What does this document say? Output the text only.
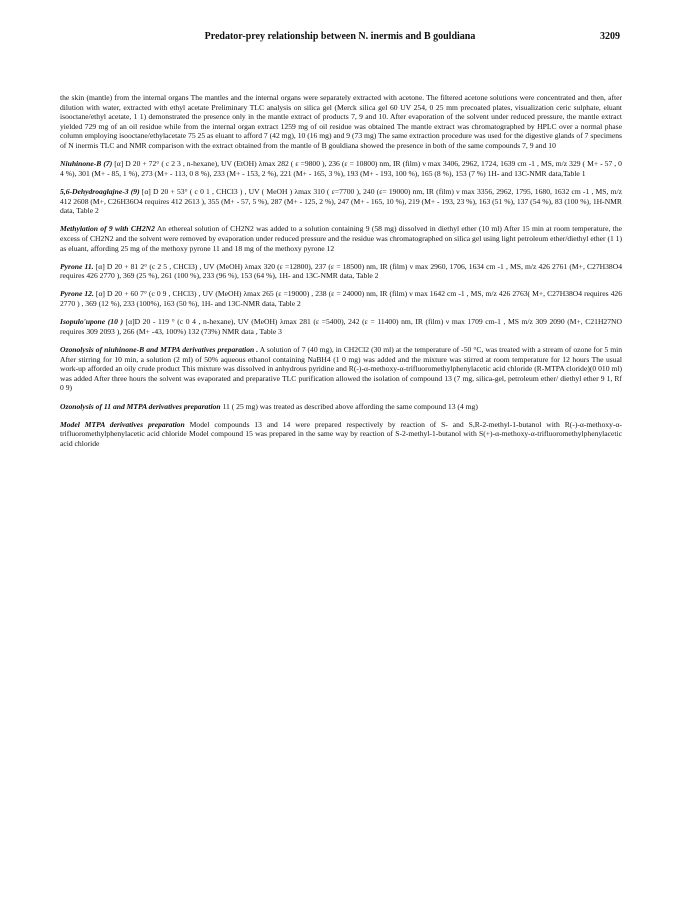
Predator-prey relationship between N. inermis and B gouldiana	3209

the skin (mantle) from the internal organs The mantles and the internal organs were separately extracted with acetone. The filtered acetone solutions were concentrated and then, after dilution with water, extracted with ethyl acetate Preliminary TLC analysis on silica gel (Merck silica gel 60 UV 254, 0 25 mm precoated plates, visualization ceric sulphate, eluant isooctane/ethyl acetate, 1 1) demonstrated the presence only in the mantle extract of products 7, 9 and 10. After evaporation of the solvent under reduced pressure, the mantle extract yielded 729 mg of an oil residue while from the internal organ extract 1259 mg of oil residue was obtained The mantle extract was chromatographed by HPLC over a normal phase column employing isooctane/ethylacetate 75 25 as eluant to afford 7 (42 mg), 10 (16 mg) and 9 (73 mg) The same extraction procedure was used for the digestive glands of 7 specimens of N inermis TLC and NMR comparison with the extract obtained from the mantle of B gouldiana showed the presence in both of the same compounds 7, 9 and 10

Niuhinone-B (7) [α] D 20 + 72° ( c 2 3 , n-hexane), UV (EtOH) λmax 282 ( ε =9800 ), 236 (ε = 10800) nm, IR (film) ν max 3406, 2962, 1724, 1639 cm -1 , MS, m/z 329 ( M+ - 57 , 0 4 %), 301 (M+ - 85, 1 %), 273 (M+ - 113, 0 8 %), 233 (M+ - 153, 2 %), 221 (M+ - 165, 3 %), 193 (M+ - 193, 100 %), 165 (8 %), 153 (7 %) 1H- and 13C-NMR data,Table 1

5,6-Dehydroaglajne-3 (9) [α] D 20 + 53° ( c 0 1 , CHCl3 ) , UV ( MeOH ) λmax 310 ( ε=7700 ), 240 (ε= 19000) nm, IR (film) ν max 3356, 2962, 1795, 1680, 1632 cm -1 , MS, m/z 412 2608 (M+, C26H36O4 requires 412 2613 ), 355 (M+ - 57, 5 %), 287 (M+ - 125, 2 %), 247 (M+ - 165, 10 %), 219 (M+ - 193, 23 %), 163 (51 %), 137 (54 %), 83 (100 %), 1H-NMR data, Table 2

Methylation of 9 with CH2N2 An ethereal solution of CH2N2 was added to a solution containing 9 (58 mg) dissolved in diethyl ether (10 ml) After 15 min at room temperature, the excess of CH2N2 and the solvent were removed by evaporation under reduced pressure and the residue was chromatographed on silica gel using light petroleum ether/diethyl ether (1 1) as eluant, affording 25 mg of the methoxy pyrone 11 and 18 mg of the methoxy pyrone 12

Pyrone 11. [α] D 20 + 81 2° (c 2 5 , CHCl3) , UV (MeOH) λmax 320 (ε =12800), 237 (ε = 18500) nm, IR (film) ν max 2960, 1706, 1634 cm -1 , MS, m/z 426 2761 (M+, C27H38O4 requires 426 2770 ), 369 (25 %), 261 (100 %), 233 (96 %), 153 (64 %), 1H- and 13C-NMR data, Table 2

Pyrone 12. [α] D 20 + 60 7° (c 0 9 , CHCl3) , UV (MeOH) λmax 265 (ε =19000) , 238 (ε = 24000) nm, IR (film) ν max 1642 cm -1 , MS, m/z 426 2763( M+, C27H38O4 requires 426 2770 ) , 369 (12 %), 233 (100%), 163 (50 %), 1H- and 13C-NMR data, Table 2

Isopulo'upone (10 ) [α]D 20 - 119 ° (c 0 4 , n-hexane), UV (MeOH) λmax 281 (ε =5400), 242 (ε = 11400) nm, IR (film) ν max 1709 cm-1 , MS m/z 309 2090 (M+, C21H27NO requires 309 2093 ), 266 (M+ -43, 100%) 132 (73%) NMR data , Table 3

Ozonolysis of niuhinone-B and MTPA derivatives preparation . A solution of 7 (40 mg), in CH2Cl2 (30 ml) at the temperature of -50 °C, was treated with a stream of ozone for 5 min After stirring for 10 min, a solution (2 ml) of 50% aqueous ethanol containing NaBH4 (1 0 mg) was added and the mixture was stirred at room temperature for 12 hours The usual work-up afforded an oily crude product This mixture was dissolved in anhydrous pyridine and R(-)-α-methoxy-α-trifluoromethylphenylacetic acid chloride (R-MTPA cloride)(0 010 ml) was added After three hours the solvent was evaporated and preparative TLC purification allowed the isolation of compound 13 (7 mg, silica-gel, petroleum ether/ diethyl ether 9 1, Rf 0 9)

Ozonolysis of 11 and MTPA derivatives preparation 11 ( 25 mg) was treated as described above affording the same compound 13 (4 mg)

Model MTPA derivatives preparation Model compounds 13 and 14 were prepared respectively by reaction of S- and S,R-2-methyl-1-butanol with R(-)-α-methoxy-α-trifluoromethylphenylacetic acid chloride Model compound 15 was prepared in the same way by reaction of S-2-methyl-1-butanol with S(+)-α-methoxy-α-trifluoromethylphenylacetic acid chloride
